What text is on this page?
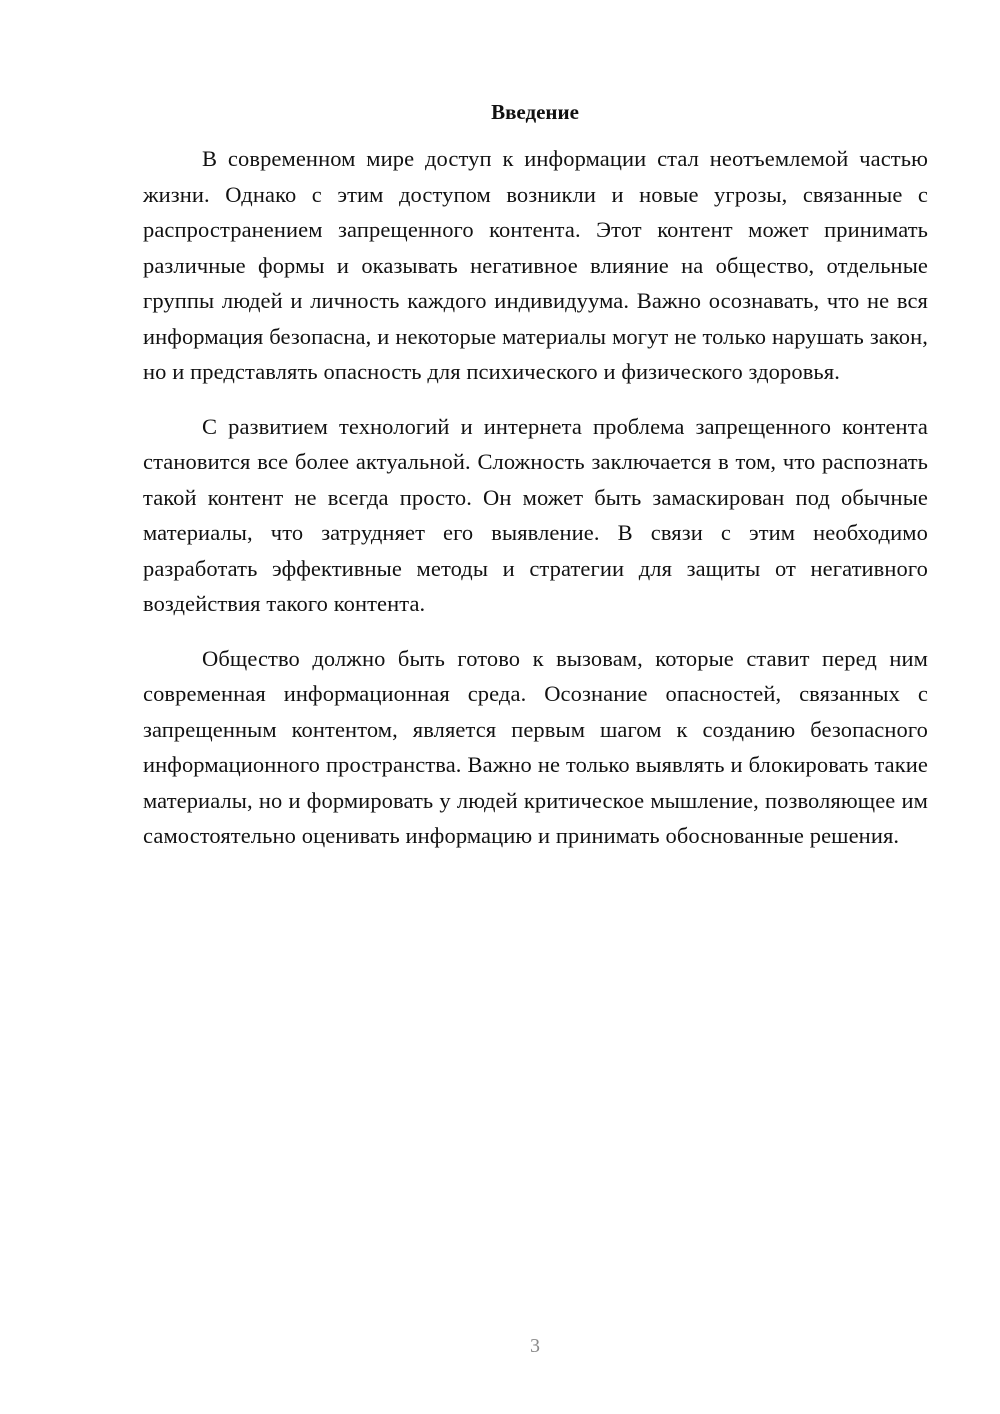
Введение

В современном мире доступ к информации стал неотъемлемой частью жизни. Однако с этим доступом возникли и новые угрозы, связанные с распространением запрещенного контента. Этот контент может принимать различные формы и оказывать негативное влияние на общество, отдельные группы людей и личность каждого индивидуума. Важно осознавать, что не вся информация безопасна, и некоторые материалы могут не только нарушать закон, но и представлять опасность для психического и физического здоровья.

С развитием технологий и интернета проблема запрещенного контента становится все более актуальной. Сложность заключается в том, что распознать такой контент не всегда просто. Он может быть замаскирован под обычные материалы, что затрудняет его выявление. В связи с этим необходимо разработать эффективные методы и стратегии для защиты от негативного воздействия такого контента.

Общество должно быть готово к вызовам, которые ставит перед ним современная информационная среда. Осознание опасностей, связанных с запрещенным контентом, является первым шагом к созданию безопасного информационного пространства. Важно не только выявлять и блокировать такие материалы, но и формировать у людей критическое мышление, позволяющее им самостоятельно оценивать информацию и принимать обоснованные решения.

3
